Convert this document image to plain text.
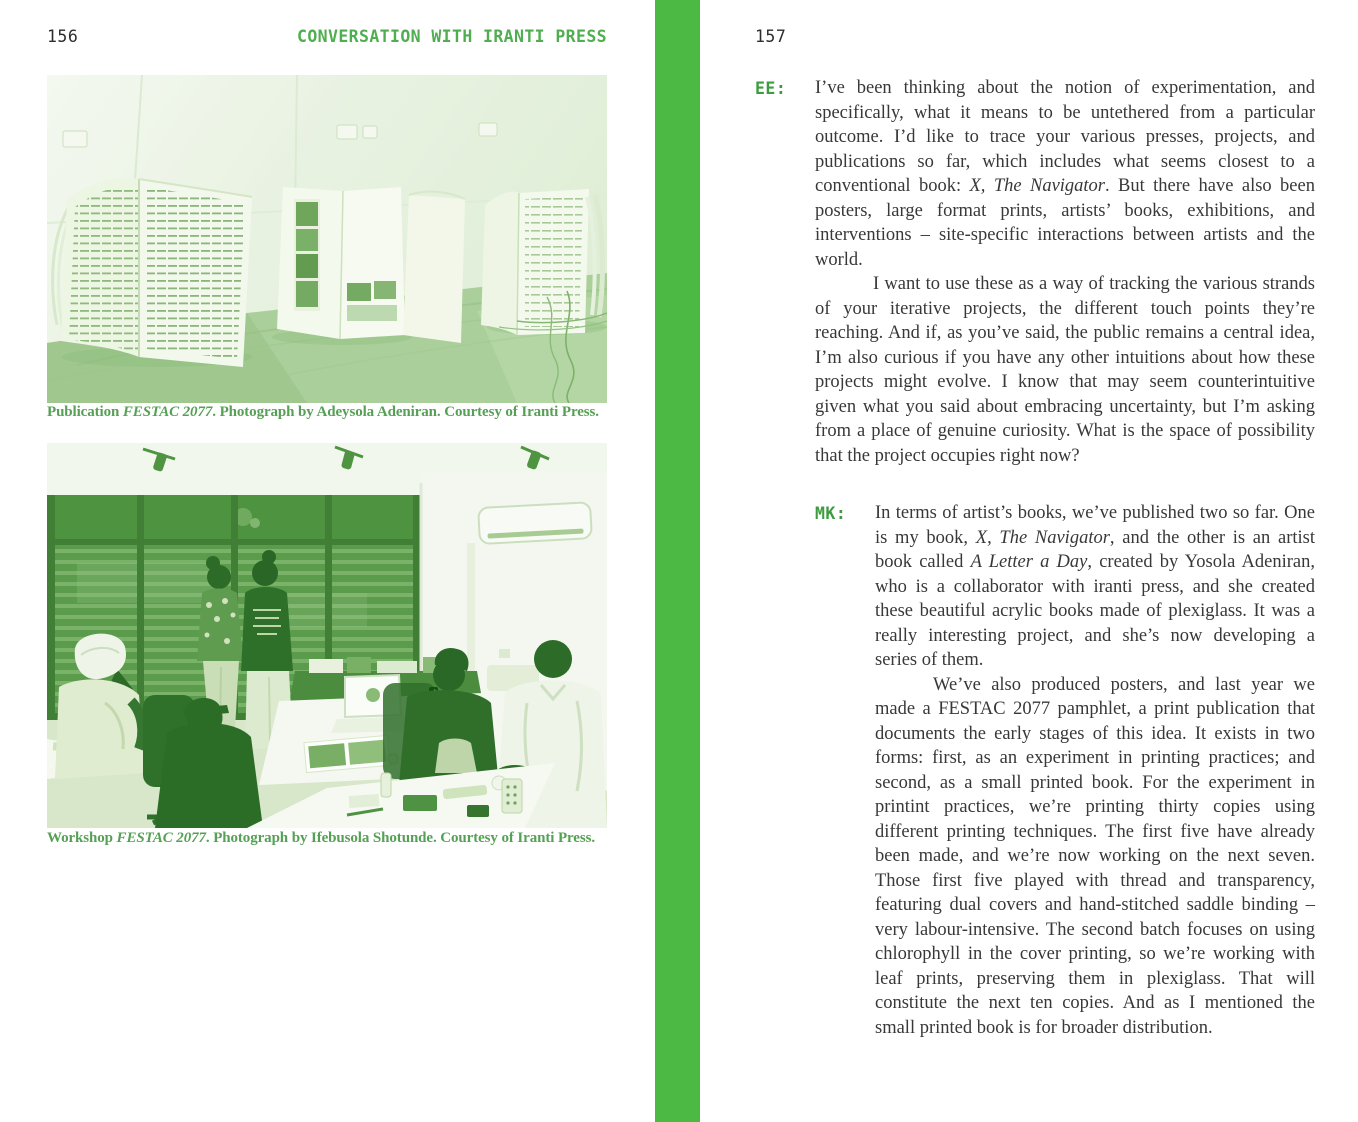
156	CONVERSATION WITH IRANTI PRESS
Publication FESTAC 2077. Photograph by Adeysola Adeniran. Courtesy of Iranti Press.
Workshop FESTAC 2077. Photograph by Ifebusola Shotunde. Courtesy of Iranti Press.
157
EE: I’ve been thinking about the notion of experimentation, and specifically, what it means to be untethered from a particular outcome. I’d like to trace your various presses, projects, and publications so far, which includes what seems closest to a conventional book: X, The Navigator. But there have also been posters, large format prints, artists’ books, exhibitions, and interventions – site-specific interactions between artists and the world.

I want to use these as a way of tracking the various strands of your iterative projects, the different touch points they’re reaching. And if, as you’ve said, the public remains a central idea, I’m also curious if you have any other intuitions about how these projects might evolve. I know that may seem counterintuitive given what you said about embracing uncertainty, but I’m asking from a place of genuine curiosity. What is the space of possibility that the project occupies right now?

MK: In terms of artist’s books, we’ve published two so far. One is my book, X, The Navigator, and the other is an artist book called A Letter a Day, created by Yosola Adeniran, who is a collaborator with iranti press, and she created these beautiful acrylic books made of plexiglass. It was a really interesting project, and she’s now developing a series of them.

We’ve also produced posters, and last year we made a FESTAC 2077 pamphlet, a print publication that documents the early stages of this idea. It exists in two forms: first, as an experiment in printing practices; and second, as a small printed book. For the experiment in printint practices, we’re printing thirty copies using different printing techniques. The first five have already been made, and we’re now working on the next seven. Those first five played with thread and transparency, featuring dual covers and hand-stitched saddle binding – very labour-intensive. The second batch focuses on using chlorophyll in the cover printing, so we’re working with leaf prints, preserving them in plexiglass. That will constitute the next ten copies. And as I mentioned the small printed book is for broader distribution.
